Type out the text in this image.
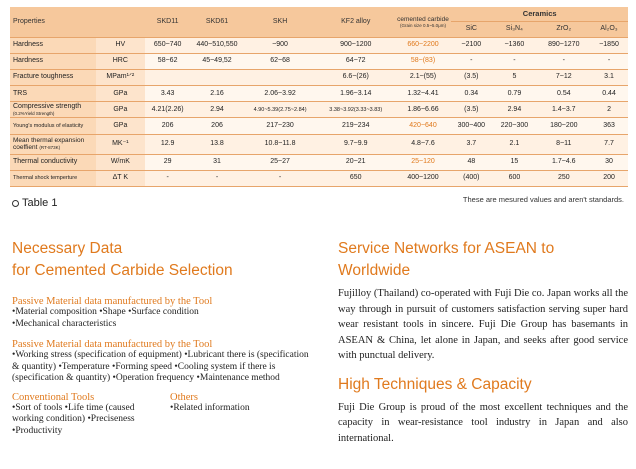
Properties		SKD11	SKD61	SKH	KF2 alloy	cemented carbide
(Grain size 0.5~5.0μm)	Ceramics			
							SiC	Si₃N₄	ZrO₂	Al₂O₃
Hardness	HV	650~740	440~510,550	~900	900~1200	660~2200	~2100	~1360	890~1270	~1850
Hardness	HRC	58~62	45~49,52	62~68	64~72	58~(83)	-	-	-	-
Fracture toughness	MPam¹ᐟ²				6.6~(26)	2.1~(55)	(3.5)	5	7~12	3.1
TRS	GPa	3.43	2.16	2.06~3.92	1.96~3.14	1.32~4.41	0.34	0.79	0.54	0.44

Compressive strength
(0.2%Yield Strength)	GPa	4.21(2.26)	2.94	4.90~5.39(2.75~2.84)	3.38~3.92(3.33~3.83)	1.86~6.66	(3.5)	2.94	1.4~3.7	2
Young's modulus of elasticity	GPa	206	206	217~230	219~234	420~640	300~400	220~300	180~200	363

Mean thermal expansion
coeffient (RT-873K)	MK⁻¹	12.9	13.8	10.8~11.8	9.7~9.9	4.8~7.6	3.7	2.1	8~11	7.7
Thermal conductivity	W/mK	29	31	25~27	20~21	25~120	48	15	1.7~4.6	30
Thermal shock temperture	ΔT K	-	-	-	650	400~1200	(400)	600	250	200
Table 1	These are mesured values and aren't standards.
Necessary Data
for Cemented Carbide Selection
Passive Material data manufactured by the Tool
•Material composition •Shape •Surface condition
•Mechanical characteristics
Passive Material data manufactured by the Tool
•Working stress (specification of equipment) •Lubricant there is (specification
& quantity) •Temperature •Forming speed •Cooling system if there is
(specification & quantity) •Operation frequency •Maintenance method
Conventional Tools
•Sort of tools •Life time (caused
working condition) •Preciseness
•Productivity
Others
•Related information
Service Networks for ASEAN to Worldwide
Fujilloy (Thailand) co-operated with Fuji Die co. Japan works all the way through in pursuit of customers satisfaction serving super hard wear resistant tools in sincere. Fuji Die Group has basemants in ASEAN & China, let alone in Japan, and seeks after good service with punctual delivery.
High Techniques & Capacity
Fuji Die Group is proud of the most excellent techniques and the capacity in wear-resistance tool industry in Japan and also international.
